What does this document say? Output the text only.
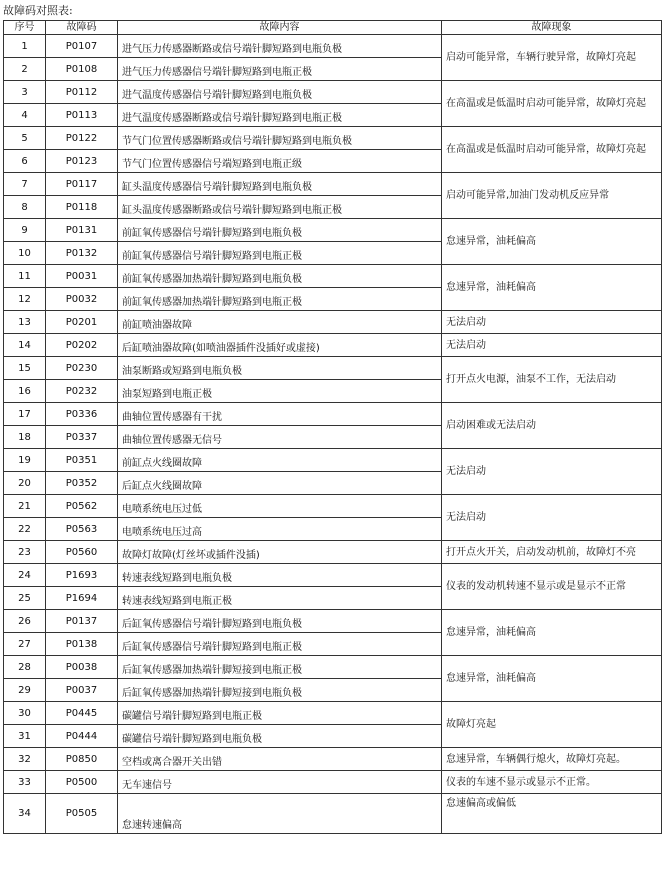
故障码对照表:
序号	故障码	故障内容	故障现象
1	P0107	进气压力传感器断路或信号端针脚短路到电瓶负极	启动可能异常，车辆行驶异常，故障灯亮起
2	P0108	进气压力传感器信号端针脚短路到电瓶正极	
3	P0112	进气温度传感器信号端针脚短路到电瓶负极	在高温或是低温时启动可能异常，故障灯亮起
4	P0113	进气温度传感器断路或信号端针脚短路到电瓶正极	
5	P0122	节气门位置传感器断路或信号端针脚短路到电瓶负极	在高温或是低温时启动可能异常，故障灯亮起
6	P0123	节气门位置传感器信号端短路到电瓶正级	
7	P0117	缸头温度传感器信号端针脚短路到电瓶负极	启动可能异常,加油门发动机反应异常
8	P0118	缸头温度传感器断路或信号端针脚短路到电瓶正极	
9	P0131	前缸氧传感器信号端针脚短路到电瓶负极	怠速异常，油耗偏高
10	P0132	前缸氧传感器信号端针脚短路到电瓶正极	
11	P0031	前缸氧传感器加热端针脚短路到电瓶负极	怠速异常，油耗偏高
12	P0032	前缸氧传感器加热端针脚短路到电瓶正极	
13	P0201	前缸喷油器故障	无法启动
14	P0202	后缸喷油器故障(如喷油器插件没插好或虚接)	无法启动
15	P0230	油泵断路或短路到电瓶负极	打开点火电源，油泵不工作，无法启动
16	P0232	油泵短路到电瓶正极	
17	P0336	曲轴位置传感器有干扰	启动困难或无法启动
18	P0337	曲轴位置传感器无信号	
19	P0351	前缸点火线圈故障	无法启动
20	P0352	后缸点火线圈故障	
21	P0562	电喷系统电压过低	无法启动
22	P0563	电喷系统电压过高	
23	P0560	故障灯故障(灯丝坏或插件没插)	打开点火开关，启动发动机前，故障灯不亮
24	P1693	转速表线短路到电瓶负极	仪表的发动机转速不显示或是显示不正常
25	P1694	转速表线短路到电瓶正极	
26	P0137	后缸氧传感器信号端针脚短路到电瓶负极	怠速异常，油耗偏高
27	P0138	后缸氧传感器信号端针脚短路到电瓶正极	
28	P0038	后缸氧传感器加热端针脚短接到电瓶正极	怠速异常，油耗偏高
29	P0037	后缸氧传感器加热端针脚短接到电瓶负极	
30	P0445	碳罐信号端针脚短路到电瓶正极	故障灯亮起
31	P0444	碳罐信号端针脚短路到电瓶负极	
32	P0850	空档或离合器开关出错	怠速异常，车辆偶行熄火，故障灯亮起。
33	P0500	无车速信号	仪表的车速不显示或显示不正常。
34	P0505	怠速转速偏高	怠速偏高或偏低
